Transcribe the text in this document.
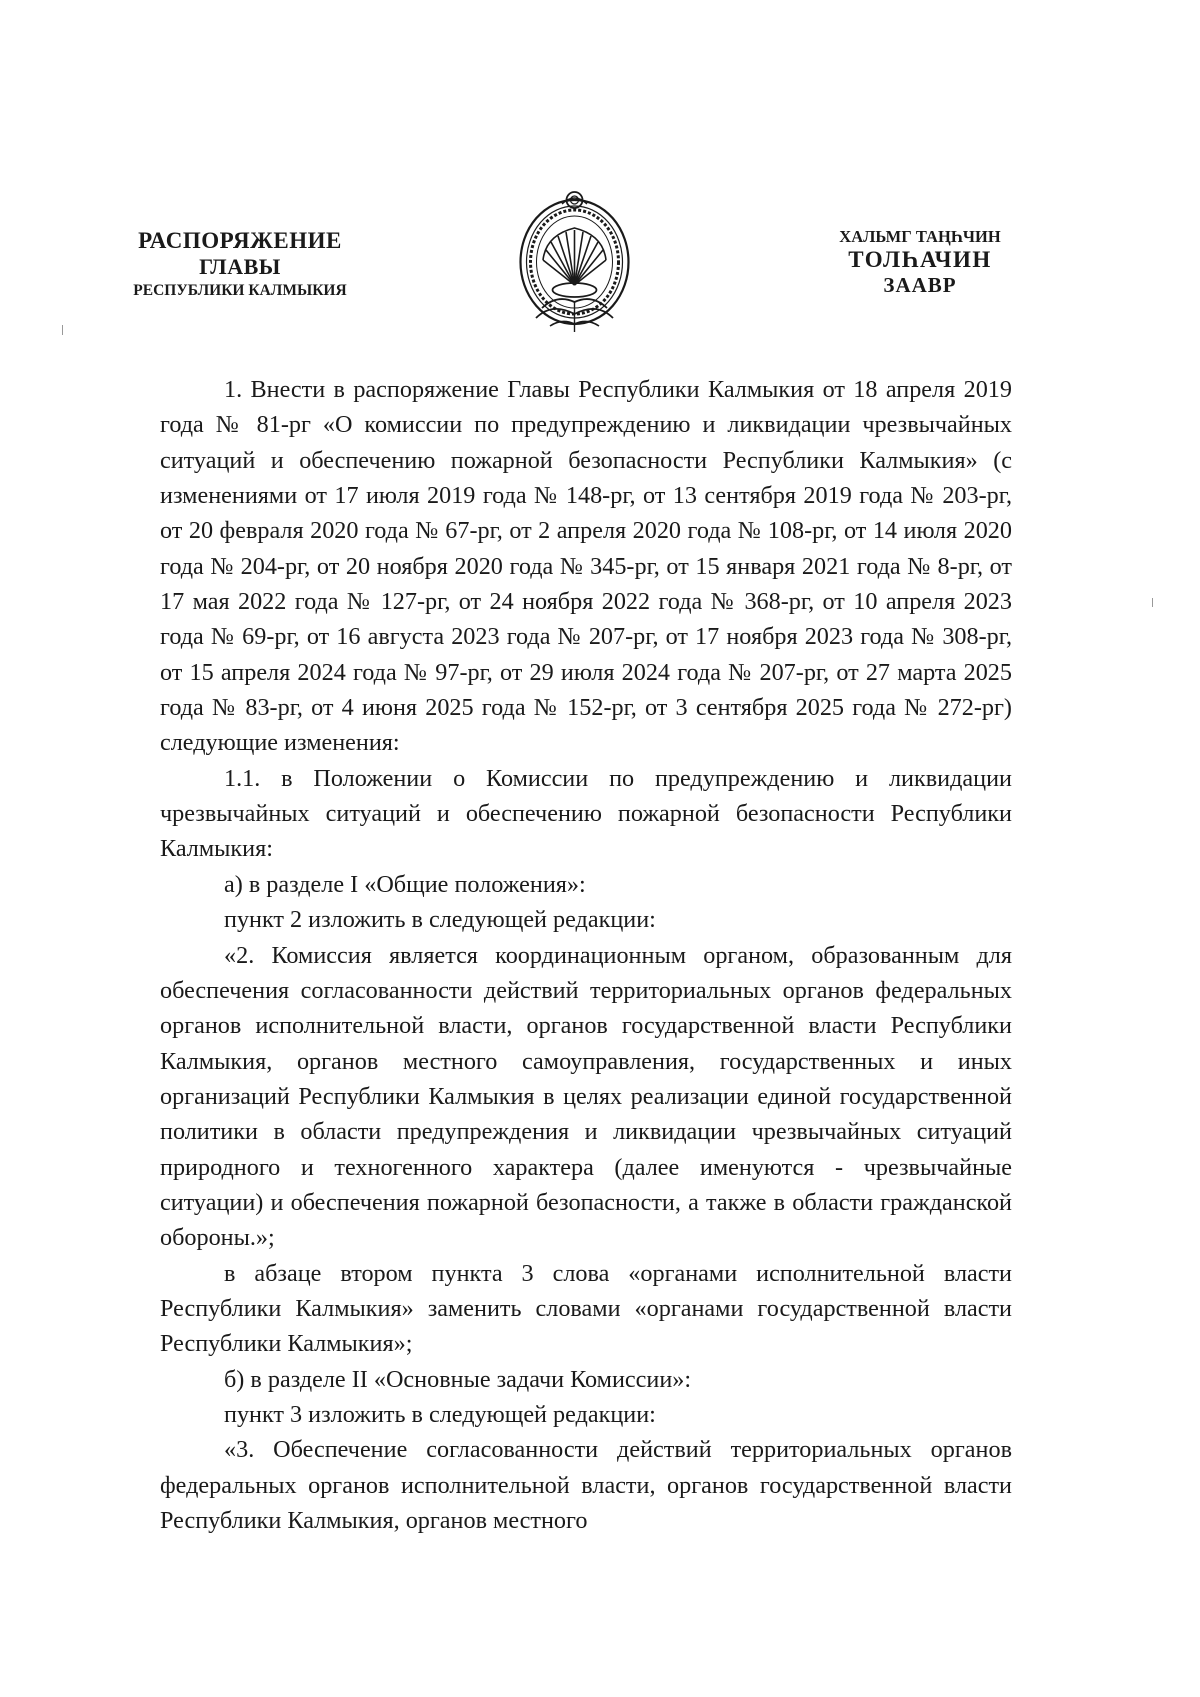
РАСПОРЯЖЕНИЕ
ГЛАВЫ
РЕСПУБЛИКИ КАЛМЫКИЯ
ХАЛЬМГ ТАҢҺЧИН
ТОЛҺАЧИН
ЗААВР

1. Внести в распоряжение Главы Республики Калмыкия от 18 апреля 2019 года № 81-рг «О комиссии по предупреждению и ликвидации чрезвычайных ситуаций и обеспечению пожарной безопасности Республики Калмыкия» (с изменениями от 17 июля 2019 года № 148-рг, от 13 сентября 2019 года № 203-рг, от 20 февраля 2020 года № 67-рг, от 2 апреля 2020 года № 108-рг, от 14 июля 2020 года № 204-рг, от 20 ноября 2020 года № 345-рг, от 15 января 2021 года № 8-рг, от 17 мая 2022 года № 127-рг, от 24 ноября 2022 года № 368-рг, от 10 апреля 2023 года № 69-рг, от 16 августа 2023 года № 207-рг, от 17 ноября 2023 года № 308-рг, от 15 апреля 2024 года № 97-рг, от 29 июля 2024 года № 207-рг, от 27 марта 2025 года № 83-рг, от 4 июня 2025 года № 152-рг, от 3 сентября 2025 года № 272-рг) следующие изменения:

1.1. в Положении о Комиссии по предупреждению и ликвидации чрезвычайных ситуаций и обеспечению пожарной безопасности Республики Калмыкия:

а) в разделе I «Общие положения»:

пункт 2 изложить в следующей редакции:

«2. Комиссия является координационным органом, образованным для обеспечения согласованности действий территориальных органов федеральных органов исполнительной власти, органов государственной власти Республики Калмыкия, органов местного самоуправления, государственных и иных организаций Республики Калмыкия в целях реализации единой государственной политики в области предупреждения и ликвидации чрезвычайных ситуаций природного и техногенного характера (далее именуются - чрезвычайные ситуации) и обеспечения пожарной безопасности, а также в области гражданской обороны.»;

в абзаце втором пункта 3 слова «органами исполнительной власти Республики Калмыкия» заменить словами «органами государственной власти Республики Калмыкия»;

б) в разделе II «Основные задачи Комиссии»:

пункт 3 изложить в следующей редакции:

«3. Обеспечение согласованности действий территориальных органов федеральных органов исполнительной власти, органов государственной власти Республики Калмыкия, органов местного
